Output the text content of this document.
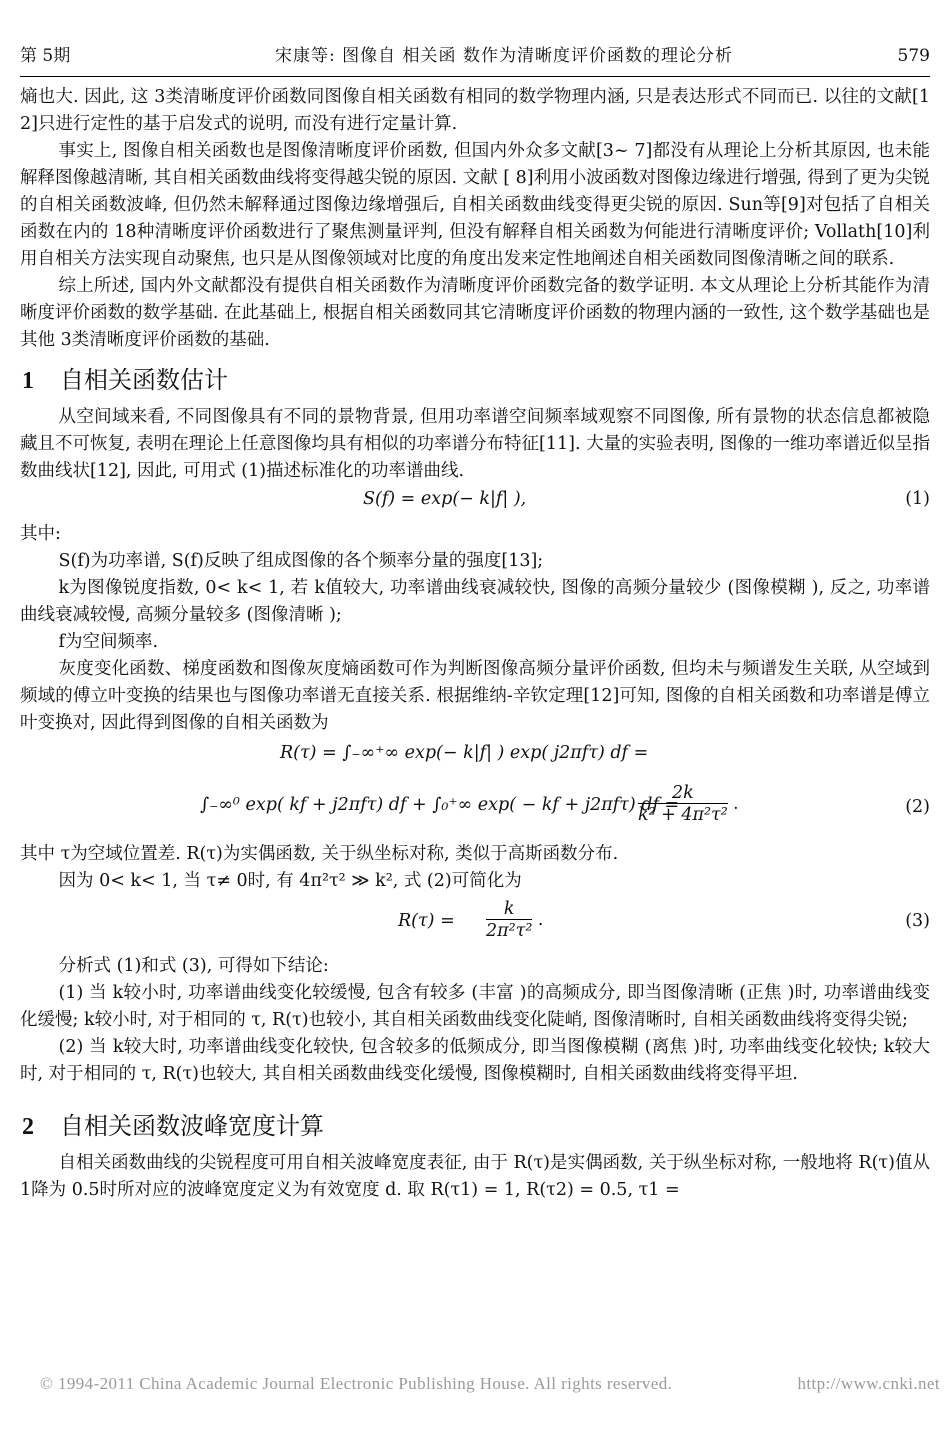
第 5期	宋康等: 图像自 相关函 数作为清晰度评价函数的理论分析	579

熵也大. 因此, 这 3类清晰度评价函数同图像自相关函数有相同的数学物理内涵, 只是表达形式不同而已. 以往的文献[1 2]只进行定性的基于启发式的说明, 而没有进行定量计算.

事实上, 图像自相关函数也是图像清晰度评价函数, 但国内外众多文献[3~ 7]都没有从理论上分析其原因, 也未能解释图像越清晰, 其自相关函数曲线将变得越尖锐的原因. 文献 [ 8]利用小波函数对图像边缘进行增强, 得到了更为尖锐的自相关函数波峰, 但仍然未解释通过图像边缘增强后, 自相关函数曲线变得更尖锐的原因. Sun等[9]对包括了自相关函数在内的 18种清晰度评价函数进行了聚焦测量评判, 但没有解释自相关函数为何能进行清晰度评价; Vollath[10]利用自相关方法实现自动聚焦, 也只是从图像领域对比度的角度出发来定性地阐述自相关函数同图像清晰之间的联系.

综上所述, 国内外文献都没有提供自相关函数作为清晰度评价函数完备的数学证明. 本文从理论上分析其能作为清晰度评价函数的数学基础. 在此基础上, 根据自相关函数同其它清晰度评价函数的物理内涵的一致性, 这个数学基础也是其他 3类清晰度评价函数的基础.

1 自相关函数估计

从空间域来看, 不同图像具有不同的景物背景, 但用功率谱空间频率域观察不同图像, 所有景物的状态信息都被隐藏且不可恢复, 表明在理论上任意图像均具有相似的功率谱分布特征[11]. 大量的实验表明, 图像的一维功率谱近似呈指数曲线状[12], 因此, 可用式 (1)描述标准化的功率谱曲线.

S(f) = exp(− k|f| ),	(1)

其中:

S(f)为功率谱, S(f)反映了组成图像的各个频率分量的强度[13];

k为图像锐度指数, 0< k< 1, 若 k值较大, 功率谱曲线衰减较快, 图像的高频分量较少 (图像模糊 ), 反之, 功率谱曲线衰减较慢, 高频分量较多 (图像清晰 );

f为空间频率.

灰度变化函数、梯度函数和图像灰度熵函数可作为判断图像高频分量评价函数, 但均未与频谱发生关联, 从空域到频域的傅立叶变换的结果也与图像功率谱无直接关系. 根据维纳-辛钦定理[12]可知, 图像的自相关函数和功率谱是傅立叶变换对, 因此得到图像的自相关函数为

R(τ) = ∫₋∞⁺∞ exp(− k|f| ) exp( j2πfτ) df =
∫₋∞⁰ exp( kf + j2πfτ) df + ∫₀⁺∞ exp( − kf + j2πfτ) df =
$\frac{2k}{\text{k² + 4π²τ²}}$ .	(2)

其中 τ为空域位置差. R(τ)为实偶函数, 关于纵坐标对称, 类似于高斯函数分布.

因为 0< k< 1, 当 τ≠ 0时, 有 4π²τ² ≫ k², 式 (2)可简化为

$R(\tau) = \frac{k}{\text{2π²τ²}}$ .	(3)

分析式 (1)和式 (3), 可得如下结论:

(1) 当 k较小时, 功率谱曲线变化较缓慢, 包含有较多 (丰富 )的高频成分, 即当图像清晰 (正焦 )时, 功率谱曲线变化缓慢; k较小时, 对于相同的 τ, R(τ)也较小, 其自相关函数曲线变化陡峭, 图像清晰时, 自相关函数曲线将变得尖锐;

(2) 当 k较大时, 功率谱曲线变化较快, 包含较多的低频成分, 即当图像模糊 (离焦 )时, 功率曲线变化较快; k较大时, 对于相同的 τ, R(τ)也较大, 其自相关函数曲线变化缓慢, 图像模糊时, 自相关函数曲线将变得平坦.

2 自相关函数波峰宽度计算

自相关函数曲线的尖锐程度可用自相关波峰宽度表征, 由于 R(τ)是实偶函数, 关于纵坐标对称, 一般地将 R(τ)值从 1降为 0.5时所对应的波峰宽度定义为有效宽度 d. 取 R(τ1) = 1, R(τ2) = 0.5, τ1 =

© 1994-2011 China Academic Journal Electronic Publishing House. All rights reserved.	http://www.cnki.net
